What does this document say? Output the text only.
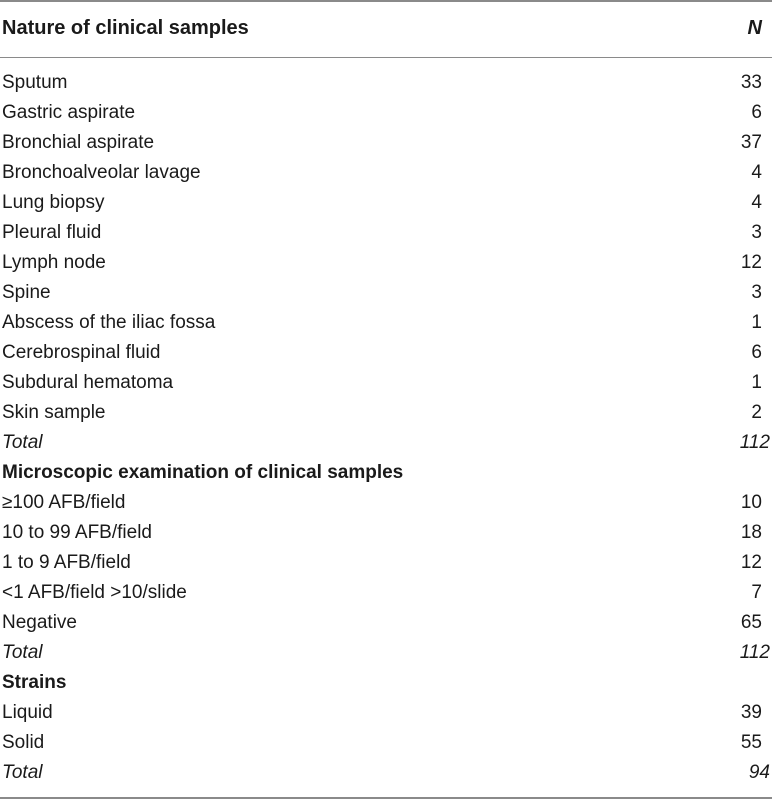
Nature of clinical samples	N
Sputum	33
Gastric aspirate	6
Bronchial aspirate	37
Bronchoalveolar lavage	4
Lung biopsy	4
Pleural fluid	3
Lymph node	12
Spine	3
Abscess of the iliac fossa	1
Cerebrospinal fluid	6
Subdural hematoma	1
Skin sample	2
Total	112
Microscopic examination of clinical samples
≥100 AFB/field	10
10 to 99 AFB/field	18
1 to 9 AFB/field	12
<1 AFB/field >10/slide	7
Negative	65
Total	112
Strains
Liquid	39
Solid	55
Total	94
